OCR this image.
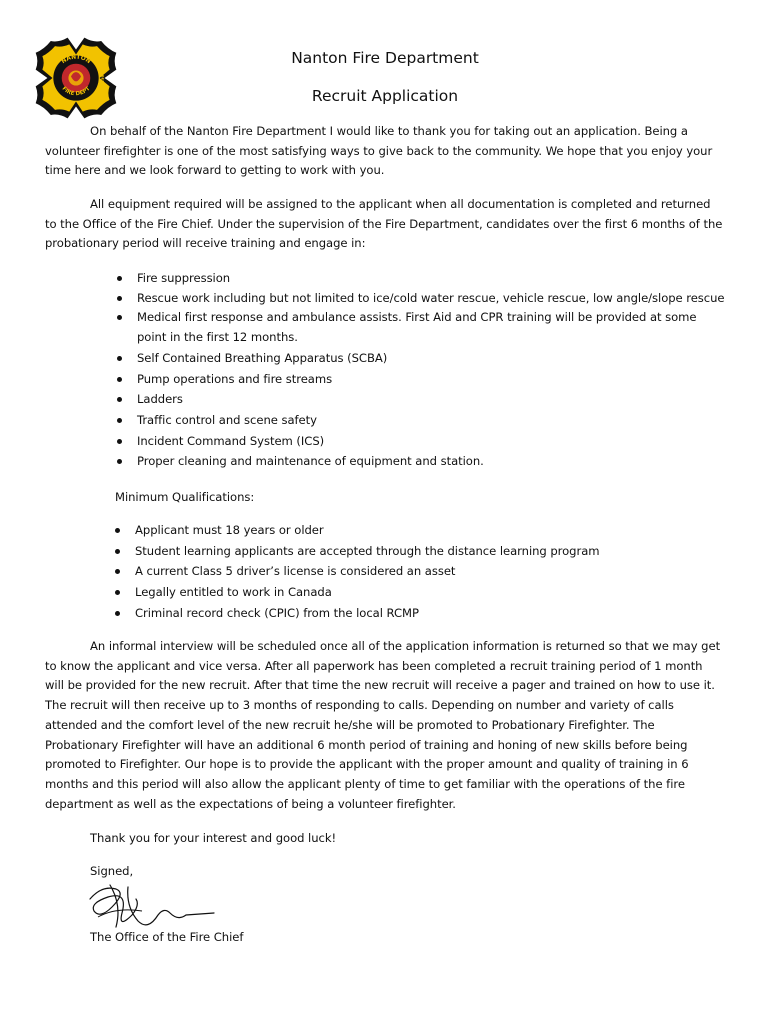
NANTON
FIRE DEPT
ALBERTA
Nanton Fire Department
Recruit Application

On behalf of the Nanton Fire Department I would like to thank you for taking out an application. Being a volunteer firefighter is one of the most satisfying ways to give back to the community. We hope that you enjoy your time here and we look forward to getting to work with you.

All equipment required will be assigned to the applicant when all documentation is completed and returned to the Office of the Fire Chief. Under the supervision of the Fire Department, candidates over the first 6 months of the probationary period will receive training and engage in:

Fire suppression
Rescue work including but not limited to ice/cold water rescue, vehicle rescue, low angle/slope rescue
Medical first response and ambulance assists. First Aid and CPR training will be provided at some point in the first 12 months.
Self Contained Breathing Apparatus (SCBA)
Pump operations and fire streams
Ladders
Traffic control and scene safety
Incident Command System (ICS)
Proper cleaning and maintenance of equipment and station.

Minimum Qualifications:

Applicant must 18 years or older
Student learning applicants are accepted through the distance learning program
A current Class 5 driver’s license is considered an asset
Legally entitled to work in Canada
Criminal record check (CPIC) from the local RCMP

An informal interview will be scheduled once all of the application information is returned so that we may get to know the applicant and vice versa. After all paperwork has been completed a recruit training period of 1 month will be provided for the new recruit. After that time the new recruit will receive a pager and trained on how to use it. The recruit will then receive up to 3 months of responding to calls. Depending on number and variety of calls attended and the comfort level of the new recruit he/she will be promoted to Probationary Firefighter. The Probationary Firefighter will have an additional 6 month period of training and honing of new skills before being promoted to Firefighter. Our hope is to provide the applicant with the proper amount and quality of training in 6 months and this period will also allow the applicant plenty of time to get familiar with the operations of the fire department as well as the expectations of being a volunteer firefighter.

Thank you for your interest and good luck!

Signed,

The Office of the Fire Chief
